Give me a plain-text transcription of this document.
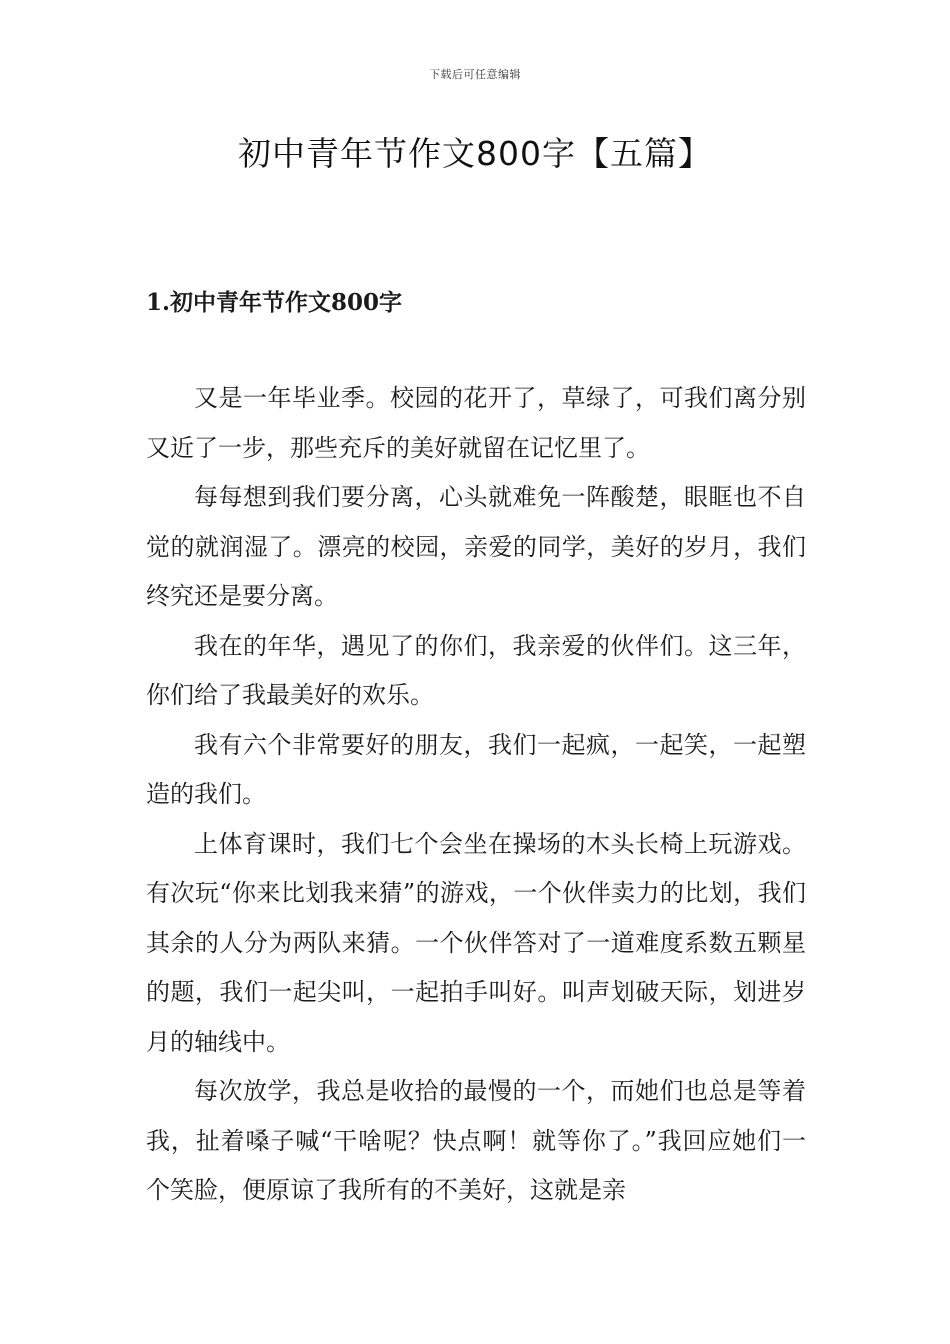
下载后可任意编辑
初中青年节作文800字【五篇】
1.初中青年节作文800字

又是一年毕业季。校园的花开了，草绿了，可我们离分别又近了一步，那些充斥的美好就留在记忆里了。

每每想到我们要分离，心头就难免一阵酸楚，眼眶也不自觉的就润湿了。漂亮的校园，亲爱的同学，美好的岁月，我们终究还是要分离。

我在的年华，遇见了的你们，我亲爱的伙伴们。这三年，你们给了我最美好的欢乐。

我有六个非常要好的朋友，我们一起疯，一起笑，一起塑造的我们。

上体育课时，我们七个会坐在操场的木头长椅上玩游戏。有次玩“你来比划我来猜”的游戏，一个伙伴卖力的比划，我们其余的人分为两队来猜。一个伙伴答对了一道难度系数五颗星的题，我们一起尖叫，一起拍手叫好。叫声划破天际，划进岁月的轴线中。

每次放学，我总是收拾的最慢的一个，而她们也总是等着我，扯着嗓子喊“干啥呢？快点啊！就等你了。”我回应她们一个笑脸，便原谅了我所有的不美好，这就是亲
